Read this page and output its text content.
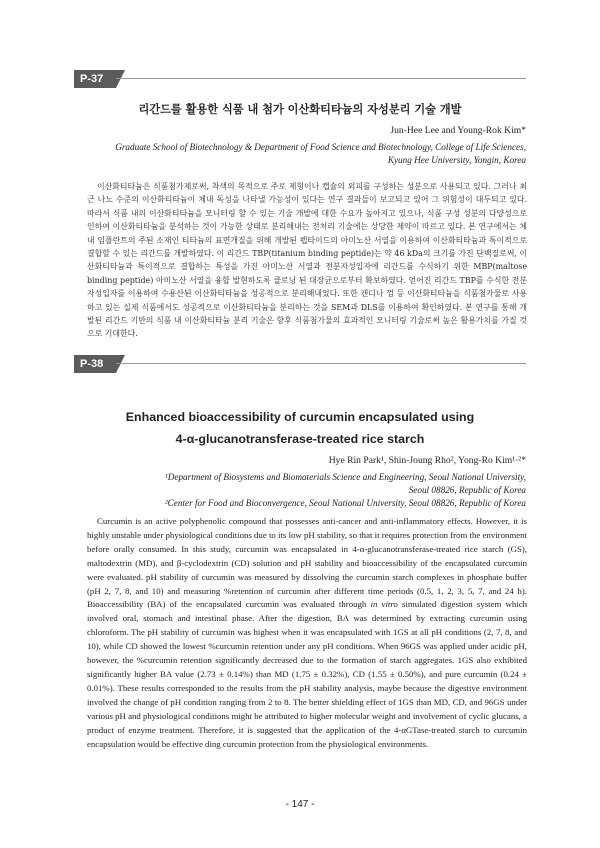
P-37
리간드를 활용한 식품 내 첨가 이산화티타늄의 자성분리 기술 개발
Jun-Hee Lee and Young-Rok Kim*
Graduate School of Biotechnology & Department of Food Science and Biotechnology, College of Life Sciences,
Kyung Hee University, Yongin, Korea
이산화티타늄은 식품첨가제로써, 착색의 목적으로 주로 제형이나 캡슐의 외피를 구성하는 성분으로 사용되고 있다. 그러나 최근 나노 수준의 이산화티타늄이 체내 독성을 나타낼 가능성이 있다는 연구 결과들이 보고되고 있어 그 위험성이 대두되고 있다. 따라서 식품 내의 이산화티타늄을 모니터링 할 수 있는 기술 개발에 대한 수요가 높아지고 있으나, 식품 구성 성분의 다양성으로 인하여 이산화티타늄을 분석하는 것이 가능한 상태로 분리해내는 전처리 기술에는 상당한 제약이 따르고 있다. 본 연구에서는 체내 임플란트의 주된 소재인 티타늄의 표면개질을 위해 개발된 펩타이드의 아미노산 서열을 이용하여 이산화티타늄과 특이적으로 결합할 수 있는 리간드를 개발하였다. 이 리간드 TBP(titanium binding peptide)는 약 46 kDa의 크기를 가진 단백질로써, 이산화티타늄과 특이적으로 결합하는 특성을 가진 아미노산 서열과 전분자성입자에 리간드를 수식하기 위한 MBP(maltose binding peptide) 아미노산 서열을 융합 발현하도록 클로닝 된 대장균으로부터 확보하였다. 얻어진 리간드 TBP를 수식한 전분자성입자를 이용하여 수용산된 이산화티타늄을 성공적으로 분리해내었다. 또한 캔디나 껌 등 이산화티타늄을 식품첨가물로 사용하고 있는 실제 식품에서도 성공적으로 이산화티타늄을 분리하는 것을 SEM과 DLS를 이용하여 확인하였다. 본 연구를 통해 개발된 리간드 기반의 식품 내 이산화티타늄 분리 기술은 향후 식품첨가물의 효과적인 모니터링 기술로써 높은 활용가치를 가질 것으로 기대한다.
P-38
Enhanced bioaccessibility of curcumin encapsulated using
4-α-glucanotransferase-treated rice starch
Hye Rin Park¹, Shin-Joung Rho², Yong-Ro Kim¹·²*
¹Department of Biosystems and Biomaterials Science and Engineering, Seoul National University,
Seoul 08826, Republic of Korea
²Center for Food and Bioconvergence, Seoul National University, Seoul 08826, Republic of Korea
Curcumin is an active polyphenolic compound that possesses anti-cancer and anti-inflammatory effects. However, it is highly unstable under physiological conditions due to its low pH stability, so that it requires protection from the environment before orally consumed. In this study, curcumin was encapsulated in 4-α-glucanotransferase-treated rice starch (GS), maltodextrin (MD), and β-cyclodextrin (CD) solution and pH stability and bioaccessibility of the encapsulated curcumin were evaluated. pH stability of curcumin was measured by dissolving the curcumin starch complexes in phosphate buffer (pH 2, 7, 8, and 10) and measuring %retention of curcumin after different time periods (0.5, 1, 2, 3, 5, 7, and 24 h). Bioaccessibility (BA) of the encapsulated curcumin was evaluated through in vitro simulated digestion system which involved oral, stomach and intestinal phase. After the digestion, BA was determined by extracting curcumin using chloroform. The pH stability of curcumin was highest when it was encapsulated with 1GS at all pH conditions (2, 7, 8, and 10), while CD showed the lowest %curcumin retention under any pH conditions. When 96GS was applied under acidic pH, however, the %curcumin retention significantly decreased due to the formation of starch aggregates. 1GS also exhibited significantly higher BA value (2.73 ± 0.14%) than MD (1.75 ± 0.32%), CD (1.55 ± 0.50%), and pure curcumin (0.24 ± 0.01%). These results corresponded to the results from the pH stability analysis, maybe because the digestive environment involved the change of pH condition ranging from 2 to 8. The better shielding effect of 1GS than MD, CD, and 96GS under various pH and physiological conditions might be attributed to higher molecular weight and involvement of cyclic glucans, a product of enzyme treatment. Therefore, it is suggested that the application of the 4-αGTase-treated starch to curcumin encapsulation would be effective ding curcumin protection from the physiological environments.
- 147 -
